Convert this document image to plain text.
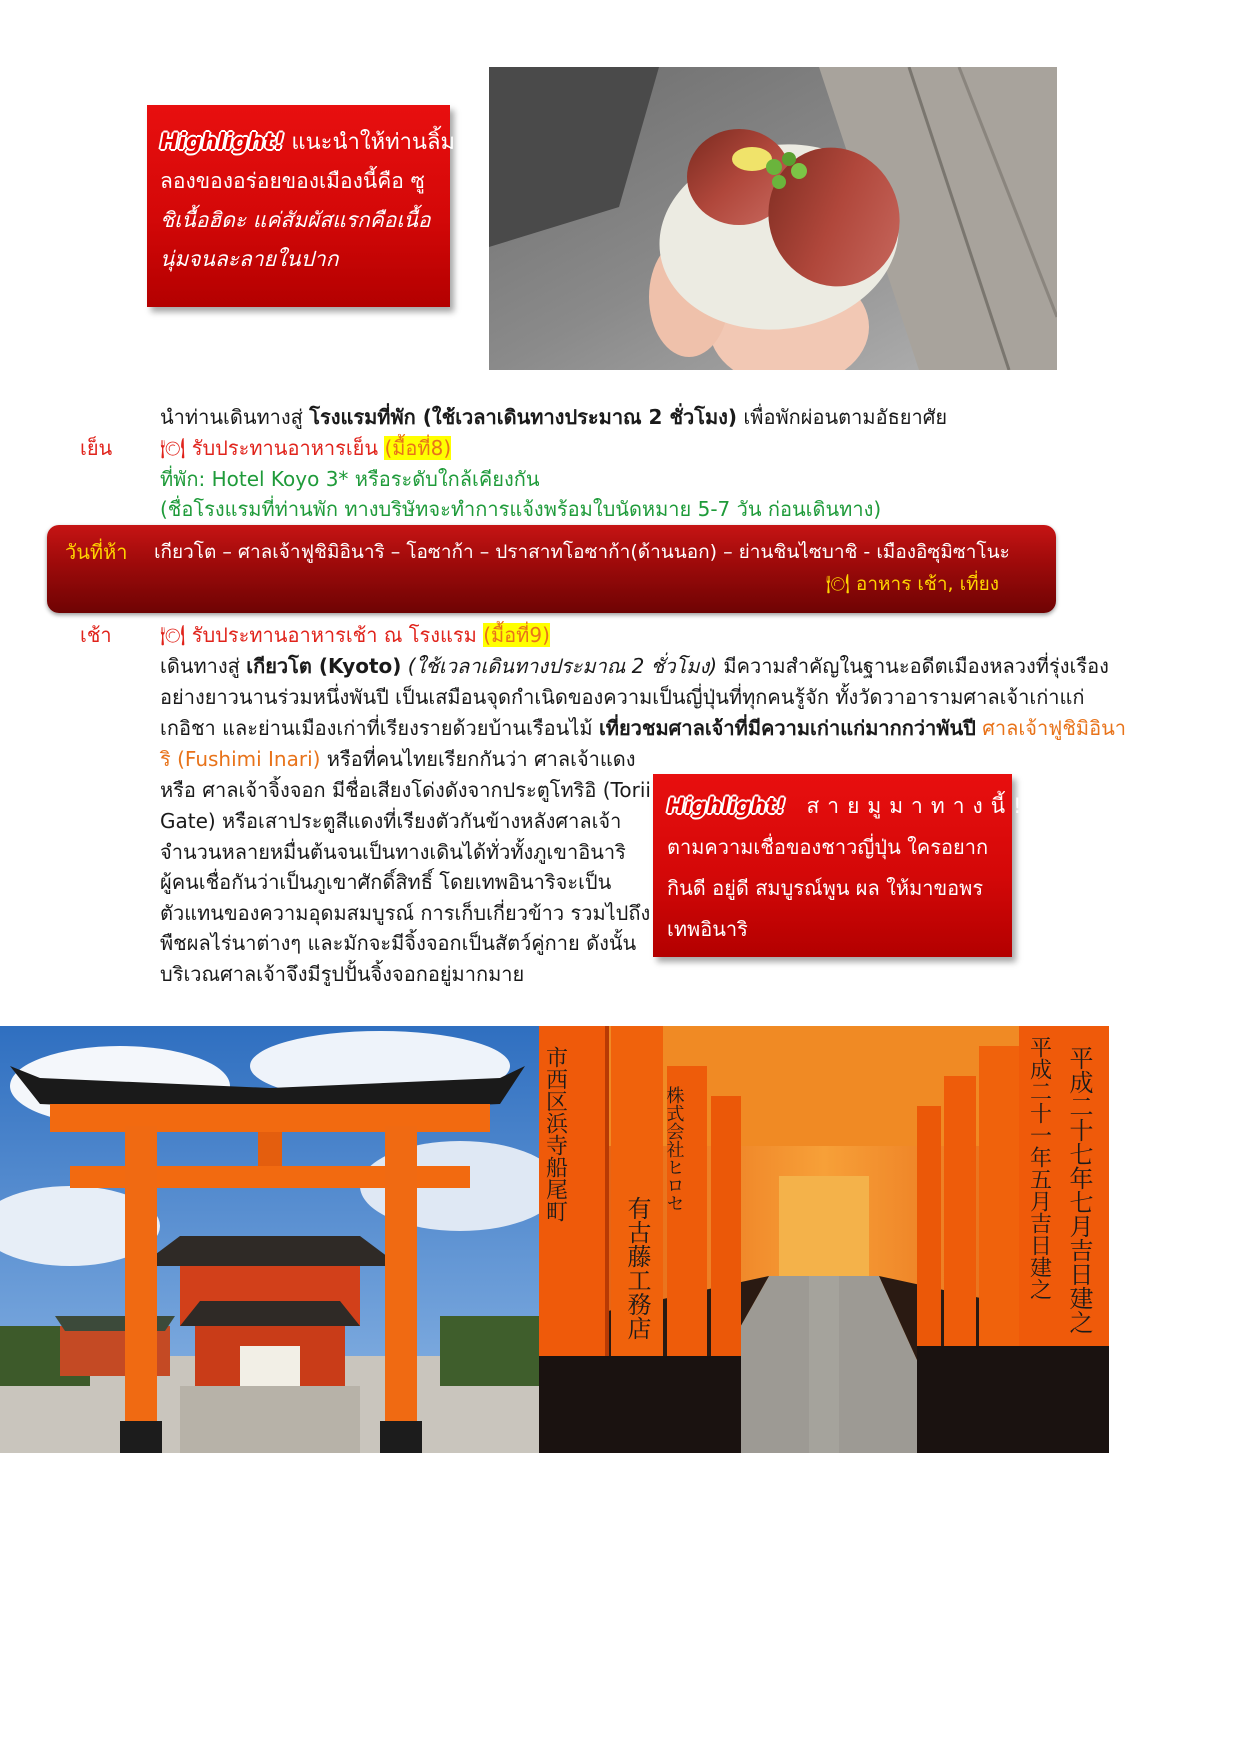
Highlight! แนะนำให้ท่านลิ้ม
ลองของอร่อยของเมืองนี้คือ ซู
ชิเนื้อฮิดะ แค่สัมผัสแรกคือเนื้อ
นุ่มจนละลายในปาก
นำท่านเดินทางสู่ โรงแรมที่พัก (ใช้เวลาเดินทางประมาณ 2 ชั่วโมง) เพื่อพักผ่อนตามอัธยาศัย
เย็น 🍽 รับประทานอาหารเย็น (มื้อที่8)
ที่พัก: Hotel Koyo 3* หรือระดับใกล้เคียงกัน
(ชื่อโรงแรมที่ท่านพัก ทางบริษัทจะทำการแจ้งพร้อมใบนัดหมาย 5-7 วัน ก่อนเดินทาง)
วันที่ห้า เกียวโต – ศาลเจ้าฟูชิมิอินาริ – โอซาก้า – ปราสาทโอซาก้า(ด้านนอก) – ย่านชินไซบาชิ - เมืองอิซุมิซาโนะ
🍽 อาหาร เช้า, เที่ยง
เช้า 🍽 รับประทานอาหารเช้า ณ โรงแรม (มื้อที่9)
เดินทางสู่ เกียวโต (Kyoto) (ใช้เวลาเดินทางประมาณ 2 ชั่วโมง) มีความสำคัญในฐานะอดีตเมืองหลวงที่รุ่งเรือง
อย่างยาวนานร่วมหนึ่งพันปี เป็นเสมือนจุดกำเนิดของความเป็นญี่ปุ่นที่ทุกคนรู้จัก ทั้งวัดวาอารามศาลเจ้าเก่าแก่
เกอิชา และย่านเมืองเก่าที่เรียงรายด้วยบ้านเรือนไม้ เที่ยวชมศาลเจ้าที่มีความเก่าแก่มากกว่าพันปี ศาลเจ้าฟูชิมิอินา
ริ (Fushimi Inari) หรือที่คนไทยเรียกกันว่า ศาลเจ้าแดง
หรือ ศาลเจ้าจิ้งจอก มีชื่อเสียงโด่งดังจากประตูโทริอิ (Torii
Gate) หรือเสาประตูสีแดงที่เรียงตัวกันข้างหลังศาลเจ้า
จำนวนหลายหมื่นต้นจนเป็นทางเดินได้ทั่วทั้งภูเขาอินาริ
ผู้คนเชื่อกันว่าเป็นภูเขาศักดิ์สิทธิ์ โดยเทพอินาริจะเป็น
ตัวแทนของความอุดมสมบูรณ์ การเก็บเกี่ยวข้าว รวมไปถึง
พืชผลไร่นาต่างๆ และมักจะมีจิ้งจอกเป็นสัตว์คู่กาย ดังนั้น
บริเวณศาลเจ้าจึงมีรูปปั้นจิ้งจอกอยู่มากมาย
Highlight! สายมูมาทางนี้!
ตามความเชื่อของชาวญี่ปุ่น ใครอยาก
กินดี อยู่ดี สมบูรณ์พูน ผล ให้มาขอพร
เทพอินาริ
市西区浜寺船尾町
有古藤工務店
株式会社ヒロセ	平成二十七年七月吉日建之
平成二十一年五月吉日建之
